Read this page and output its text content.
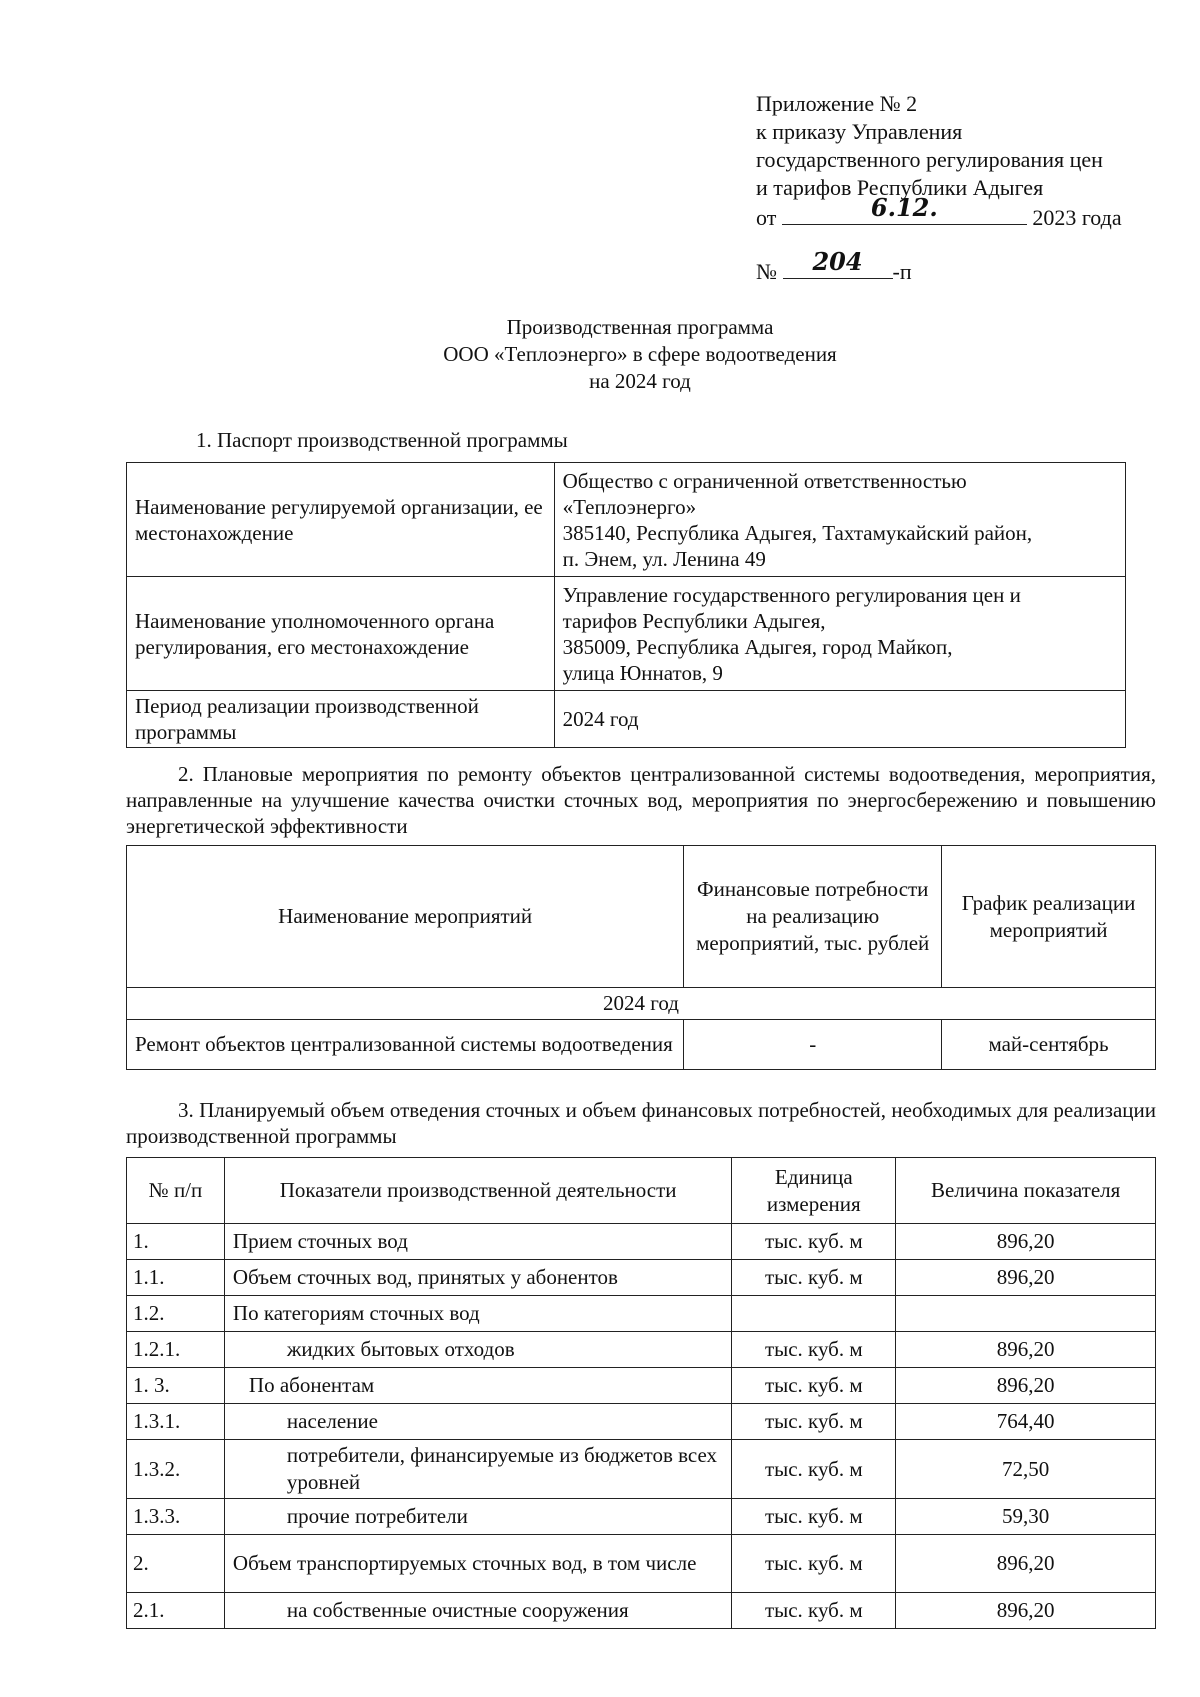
Приложение № 2
к приказу Управления
государственного регулирования цен
и тарифов Республики Адыгея
от	6.12.	2023 года
№	204	-п
Производственная программа
ООО «Теплоэнерго» в сфере водоотведения
на 2024 год
1. Паспорт производственной программы
Наименование регулируемой организации, ее местонахождение	Общество с ограниченной ответственностью
«Теплоэнерго»
385140, Республика Адыгея, Тахтамукайский район,
п. Энем, ул. Ленина 49

Наименование уполномоченного органа регулирования, его местонахождение	Управление государственного регулирования цен и
тарифов Республики Адыгея,
385009, Республика Адыгея, город Майкоп,
улица Юннатов, 9

Период реализации производственной программы	2024 год
2. Плановые мероприятия по ремонту объектов централизованной системы водоотведения, мероприятия, направленные на улучшение качества очистки сточных вод, мероприятия по энергосбережению и повышению энергетической эффективности
Наименование мероприятий	Финансовые потребности на реализацию мероприятий, тыс. рублей	График реализации мероприятий
2024 год		
Ремонт объектов централизованной системы водоотведения	-	май-сентябрь
3. Планируемый объем отведения сточных и объем финансовых потребностей, необходимых для реализации производственной программы
№ п/п	Показатели производственной деятельности	Единица измерения	Величина показателя
1.	Прием сточных вод	тыс. куб. м	896,20
1.1.	Объем сточных вод, принятых у абонентов	тыс. куб. м	896,20
1.2.	По категориям сточных вод		
1.2.1.	жидких бытовых отходов	тыс. куб. м	896,20
1. 3.	По абонентам	тыс. куб. м	896,20
1.3.1.	население	тыс. куб. м	764,40
1.3.2.	потребители, финансируемые из бюджетов всех уровней	тыс. куб. м	72,50
1.3.3.	прочие потребители	тыс. куб. м	59,30
2.	Объем транспортируемых сточных вод, в том числе	тыс. куб. м	896,20
2.1.	на собственные очистные сооружения	тыс. куб. м	896,20
